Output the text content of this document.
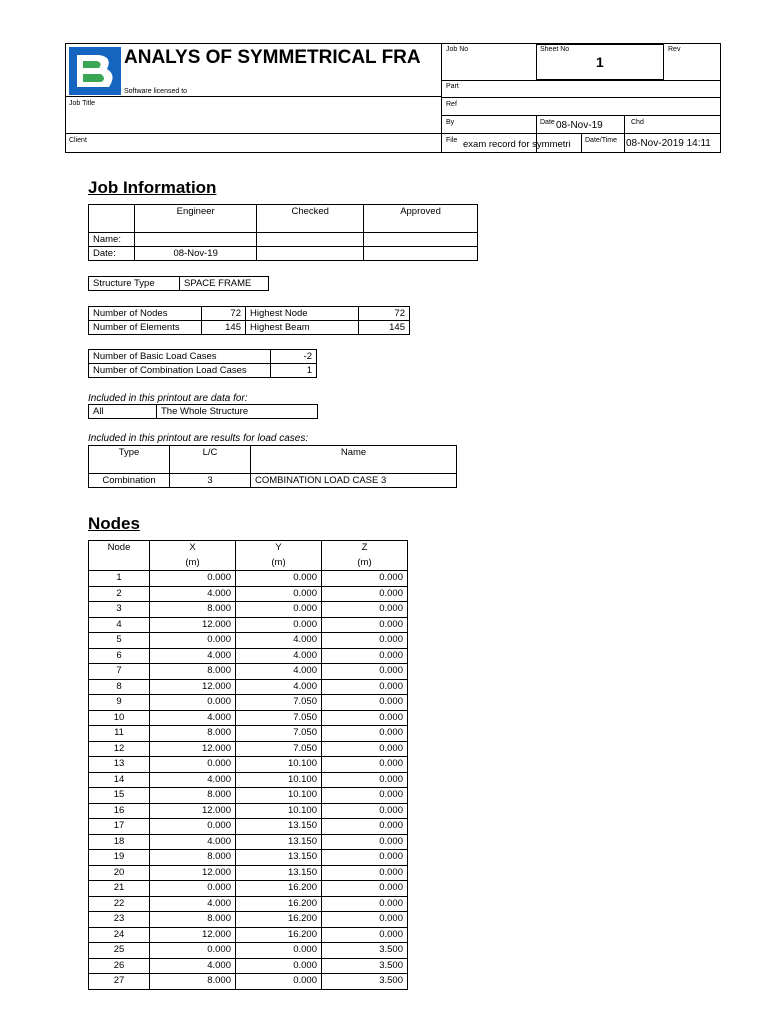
ANALYS OF SYMMETRICAL FRA
Software licensed to
Job Title
Client
Job No	Sheet No
1
Rev
Part
Ref
By	Date 08-Nov-19	Chd
File exam record for symmetri	Date/Time 08-Nov-2019 14:11
Job Information
	Engineer	Checked	Approved
Name:			
Date:	08-Nov-19		
Structure Type	SPACE FRAME
Number of Nodes	72	Highest Node	72
Number of Elements	145	Highest Beam	145
Number of Basic Load Cases	-2
Number of Combination Load Cases	1
Included in this printout are data for:
All	The Whole Structure
Included in this printout are results for load cases:
Type	L/C	Name
Combination	3	COMBINATION LOAD CASE 3
Nodes
Node	X	Y	Z
	(m)	(m)	(m)
1	0.000	0.000	0.000
2	4.000	0.000	0.000
3	8.000	0.000	0.000
4	12.000	0.000	0.000
5	0.000	4.000	0.000
6	4.000	4.000	0.000
7	8.000	4.000	0.000
8	12.000	4.000	0.000
9	0.000	7.050	0.000
10	4.000	7.050	0.000
11	8.000	7.050	0.000
12	12.000	7.050	0.000
13	0.000	10.100	0.000
14	4.000	10.100	0.000
15	8.000	10.100	0.000
16	12.000	10.100	0.000
17	0.000	13.150	0.000
18	4.000	13.150	0.000
19	8.000	13.150	0.000
20	12.000	13.150	0.000
21	0.000	16.200	0.000
22	4.000	16.200	0.000
23	8.000	16.200	0.000
24	12.000	16.200	0.000
25	0.000	0.000	3.500
26	4.000	0.000	3.500
27	8.000	0.000	3.500
